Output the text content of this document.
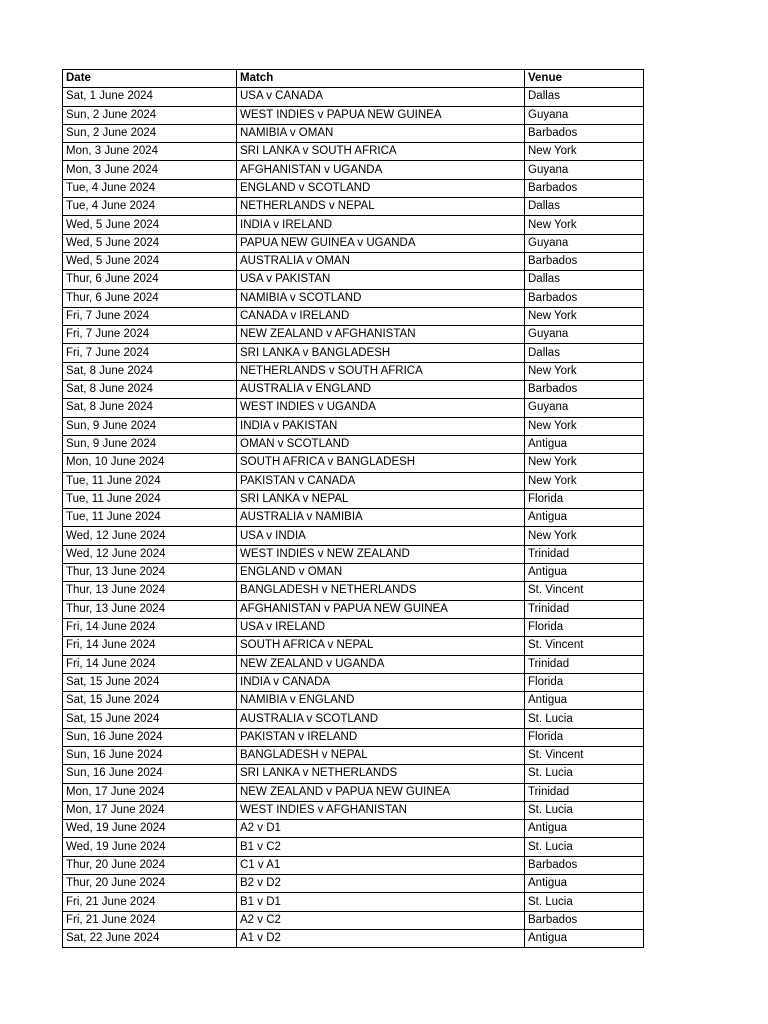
Date	Match	Venue
Sat, 1 June 2024	USA v CANADA	Dallas
Sun, 2 June 2024	WEST INDIES v PAPUA NEW GUINEA	Guyana
Sun, 2 June 2024	NAMIBIA v OMAN	Barbados
Mon, 3 June 2024	SRI LANKA v SOUTH AFRICA	New York
Mon, 3 June 2024	AFGHANISTAN v UGANDA	Guyana
Tue, 4 June 2024	ENGLAND v SCOTLAND	Barbados
Tue, 4 June 2024	NETHERLANDS v NEPAL	Dallas
Wed, 5 June 2024	INDIA v IRELAND	New York
Wed, 5 June 2024	PAPUA NEW GUINEA v UGANDA	Guyana
Wed, 5 June 2024	AUSTRALIA v OMAN	Barbados
Thur, 6 June 2024	USA v PAKISTAN	Dallas
Thur, 6 June 2024	NAMIBIA v SCOTLAND	Barbados
Fri, 7 June 2024	CANADA v IRELAND	New York
Fri, 7 June 2024	NEW ZEALAND v AFGHANISTAN	Guyana
Fri, 7 June 2024	SRI LANKA v BANGLADESH	Dallas
Sat, 8 June 2024	NETHERLANDS v SOUTH AFRICA	New York
Sat, 8 June 2024	AUSTRALIA v ENGLAND	Barbados
Sat, 8 June 2024	WEST INDIES v UGANDA	Guyana
Sun, 9 June 2024	INDIA v PAKISTAN	New York
Sun, 9 June 2024	OMAN v SCOTLAND	Antigua
Mon, 10 June 2024	SOUTH AFRICA v BANGLADESH	New York
Tue, 11 June 2024	PAKISTAN v CANADA	New York
Tue, 11 June 2024	SRI LANKA v NEPAL	Florida
Tue, 11 June 2024	AUSTRALIA v NAMIBIA	Antigua
Wed, 12 June 2024	USA v INDIA	New York
Wed, 12 June 2024	WEST INDIES v NEW ZEALAND	Trinidad
Thur, 13 June 2024	ENGLAND v OMAN	Antigua
Thur, 13 June 2024	BANGLADESH v NETHERLANDS	St. Vincent
Thur, 13 June 2024	AFGHANISTAN v PAPUA NEW GUINEA	Trinidad
Fri, 14 June 2024	USA v IRELAND	Florida
Fri, 14 June 2024	SOUTH AFRICA v NEPAL	St. Vincent
Fri, 14 June 2024	NEW ZEALAND v UGANDA	Trinidad
Sat, 15 June 2024	INDIA v CANADA	Florida
Sat, 15 June 2024	NAMIBIA v ENGLAND	Antigua
Sat, 15 June 2024	AUSTRALIA v SCOTLAND	St. Lucia
Sun, 16 June 2024	PAKISTAN v IRELAND	Florida
Sun, 16 June 2024	BANGLADESH v NEPAL	St. Vincent
Sun, 16 June 2024	SRI LANKA v NETHERLANDS	St. Lucia
Mon, 17 June 2024	NEW ZEALAND v PAPUA NEW GUINEA	Trinidad
Mon, 17 June 2024	WEST INDIES v AFGHANISTAN	St. Lucia
Wed, 19 June 2024	A2 v D1	Antigua
Wed, 19 June 2024	B1 v C2	St. Lucia
Thur, 20 June 2024	C1 v A1	Barbados
Thur, 20 June 2024	B2 v D2	Antigua
Fri, 21 June 2024	B1 v D1	St. Lucia
Fri, 21 June 2024	A2 v C2	Barbados
Sat, 22 June 2024	A1 v D2	Antigua
